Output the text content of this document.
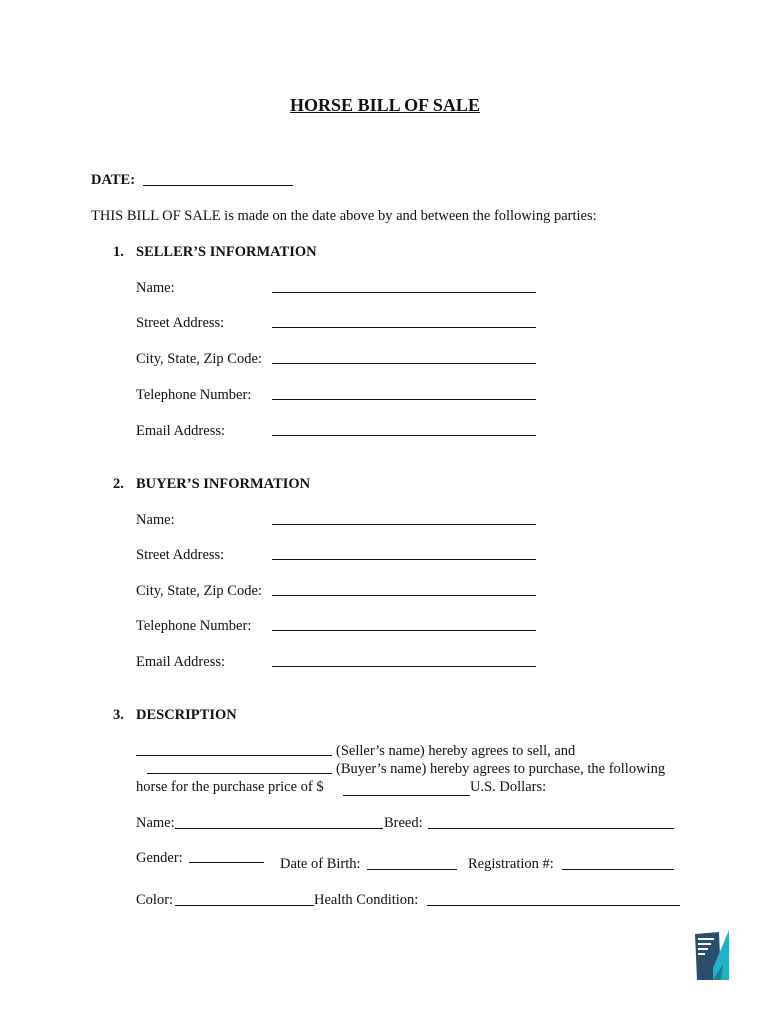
HORSE BILL OF SALE
DATE:
THIS BILL OF SALE is made on the date above by and between the following parties:
1. SELLER’S INFORMATION
Name:
Street Address:
City, State, Zip Code:
Telephone Number:
Email Address:
2. BUYER’S INFORMATION
Name:
Street Address:
City, State, Zip Code:
Telephone Number:
Email Address:
3. DESCRIPTION
(Seller’s name) hereby agrees to sell, and
(Buyer’s name) hereby agrees to purchase, the following
horse for the purchase price of $	U.S. Dollars:
Name:	Breed:
Gender:	Date of Birth:	Registration #:
Color:	Health Condition:
